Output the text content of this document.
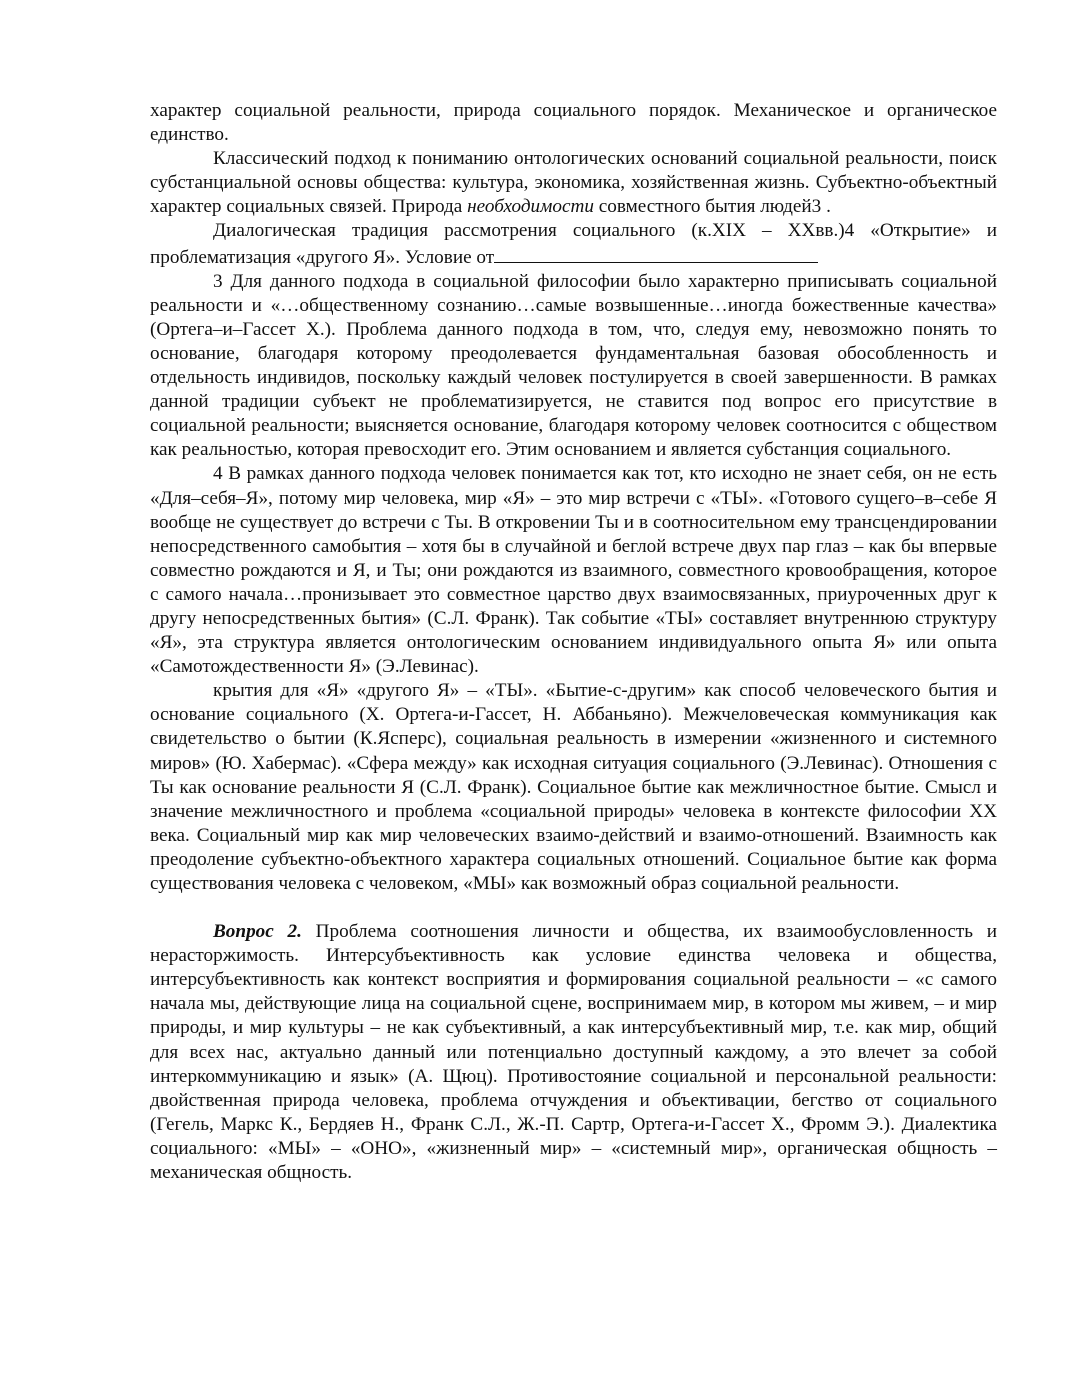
характер социальной реальности, природа социального порядок. Механическое и органическое единство.

Классический подход к пониманию онтологических оснований социальной реальности, поиск субстанциальной основы общества: культура, экономика, хозяйственная жизнь. Субъектно-объектный характер социальных связей. Природа необходимости совместного бытия людей3 .

Диалогическая традиция рассмотрения социального (к.XIX – XXвв.)4 «Открытие» и проблематизация «другого Я». Условие от

3 Для данного подхода в социальной философии было характерно приписывать социальной реальности и «…общественному сознанию…самые возвышенные…иногда божественные качества» (Ортега–и–Гассет Х.). Проблема данного подхода в том, что, следуя ему, невозможно понять то основание, благодаря которому преодолевается фундаментальная базовая обособленность и отдельность индивидов, поскольку каждый человек постулируется в своей завершенности. В рамках данной традиции субъект не проблематизируется, не ставится под вопрос его присутствие в социальной реальности; выясняется основание, благодаря которому человек соотносится с обществом как реальностью, которая превосходит его. Этим основанием и является субстанция социального.

4 В рамках данного подхода человек понимается как тот, кто исходно не знает себя, он не есть «Для–себя–Я», потому мир человека, мир «Я» – это мир встречи с «ТЫ». «Готового сущего–в–себе Я вообще не существует до встречи с Ты. В откровении Ты и в соотносительном ему трансцендировании непосредственного самобытия – хотя бы в случайной и беглой встрече двух пар глаз – как бы впервые совместно рождаются и Я, и Ты; они рождаются из взаимного, совместного кровообращения, которое с самого начала…пронизывает это совместное царство двух взаимосвязанных, приуроченных друг к другу непосредственных бытия» (С.Л. Франк). Так событие «ТЫ» составляет внутреннюю структуру «Я», эта структура является онтологическим основанием индивидуального опыта Я» или опыта «Самотождественности Я» (Э.Левинас).

крытия для «Я» «другого Я» – «ТЫ». «Бытие-с-другим» как способ человеческого бытия и основание социального (Х. Ортега-и-Гассет, Н. Аббаньяно). Межчеловеческая коммуникация как свидетельство о бытии (К.Ясперс), социальная реальность в измерении «жизненного и системного миров» (Ю. Хабермас). «Сфера между» как исходная ситуация социального (Э.Левинас). Отношения с Ты как основание реальности Я (С.Л. Франк). Социальное бытие как межличностное бытие. Смысл и значение межличностного и проблема «социальной природы» человека в контексте философии ХХ века. Социальный мир как мир человеческих взаимо-действий и взаимо-отношений. Взаимность как преодоление субъектно-объектного характера социальных отношений. Социальное бытие как форма существования человека с человеком, «МЫ» как возможный образ социальной реальности.

Вопрос 2. Проблема соотношения личности и общества, их взаимообусловленность и нерасторжимость. Интерсубъективность как условие единства человека и общества, интерсубъективность как контекст восприятия и формирования социальной реальности – «с самого начала мы, действующие лица на социальной сцене, воспринимаем мир, в котором мы живем, – и мир природы, и мир культуры – не как субъективный, а как интерсубъективный мир, т.е. как мир, общий для всех нас, актуально данный или потенциально доступный каждому, а это влечет за собой интеркоммуникацию и язык» (А. Щюц). Противостояние социальной и персональной реальности: двойственная природа человека, проблема отчуждения и объективации, бегство от социального (Гегель, Маркс К., Бердяев Н., Франк С.Л., Ж.-П. Сартр, Ортега-и-Гассет Х., Фромм Э.). Диалектика социального: «МЫ» – «ОНО», «жизненный мир» – «системный мир», органическая общность – механическая общность.
